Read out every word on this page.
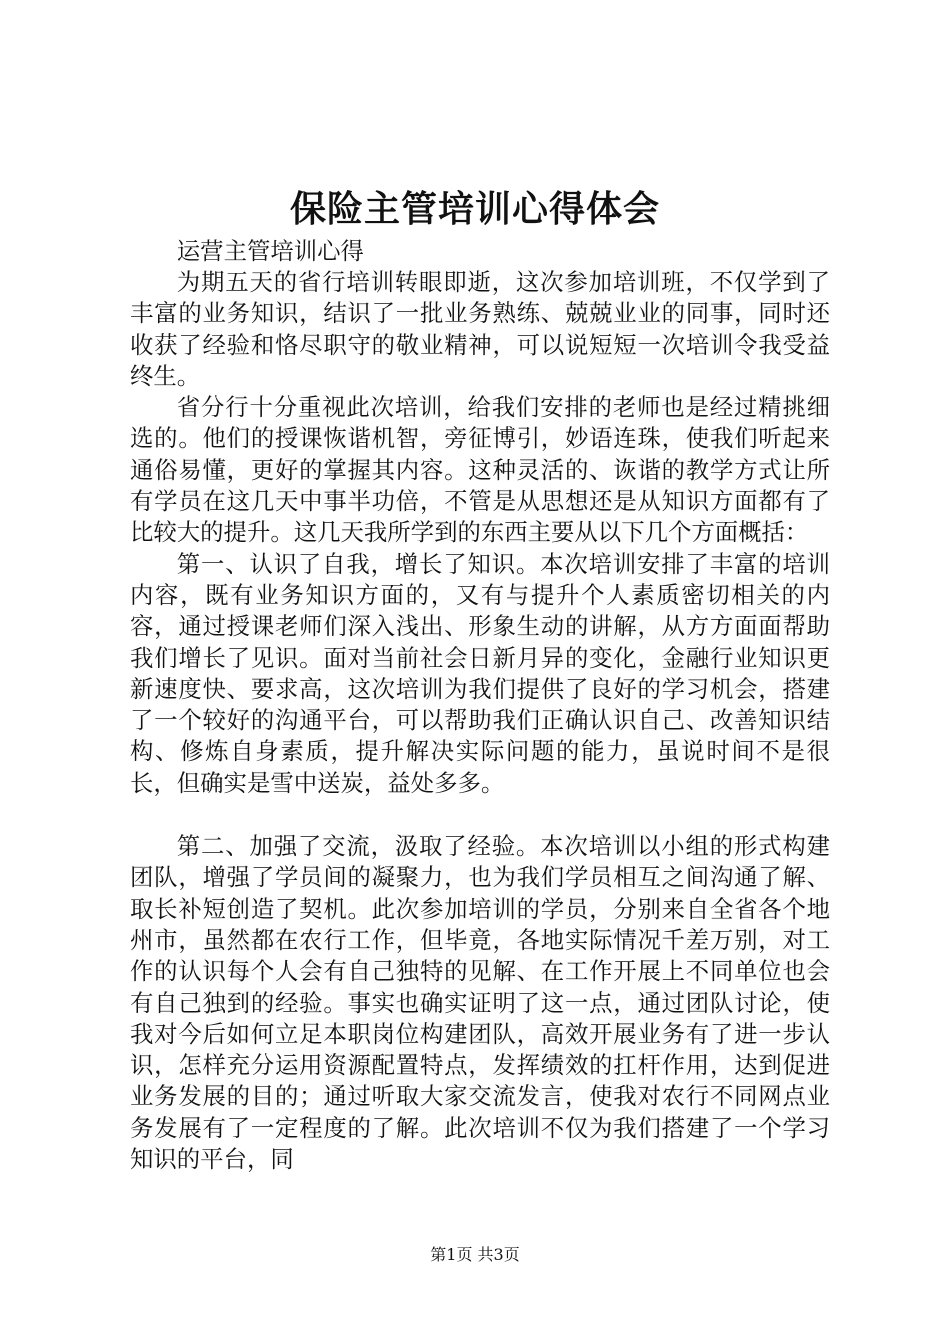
保险主管培训心得体会

运营主管培训心得

为期五天的省行培训转眼即逝，这次参加培训班，不仅学到了丰富的业务知识，结识了一批业务熟练、兢兢业业的同事，同时还收获了经验和恪尽职守的敬业精神，可以说短短一次培训令我受益终生。

省分行十分重视此次培训，给我们安排的老师也是经过精挑细选的。他们的授课恢谐机智，旁征博引，妙语连珠，使我们听起来通俗易懂，更好的掌握其内容。这种灵活的、诙谐的教学方式让所有学员在这几天中事半功倍，不管是从思想还是从知识方面都有了比较大的提升。这几天我所学到的东西主要从以下几个方面概括：

第一、认识了自我，增长了知识。本次培训安排了丰富的培训内容，既有业务知识方面的，又有与提升个人素质密切相关的内容，通过授课老师们深入浅出、形象生动的讲解，从方方面面帮助我们增长了见识。面对当前社会日新月异的变化，金融行业知识更新速度快、要求高，这次培训为我们提供了良好的学习机会，搭建了一个较好的沟通平台，可以帮助我们正确认识自己、改善知识结构、修炼自身素质，提升解决实际问题的能力，虽说时间不是很长，但确实是雪中送炭，益处多多。

第二、加强了交流，汲取了经验。本次培训以小组的形式构建团队，增强了学员间的凝聚力，也为我们学员相互之间沟通了解、取长补短创造了契机。此次参加培训的学员，分别来自全省各个地州市，虽然都在农行工作，但毕竟，各地实际情况千差万别，对工作的认识每个人会有自己独特的见解、在工作开展上不同单位也会有自己独到的经验。事实也确实证明了这一点，通过团队讨论，使我对今后如何立足本职岗位构建团队，高效开展业务有了进一步认识，怎样充分运用资源配置特点，发挥绩效的扛杆作用，达到促进业务发展的目的；通过听取大家交流发言，使我对农行不同网点业务发展有了一定程度的了解。此次培训不仅为我们搭建了一个学习知识的平台，同

第1页 共3页
